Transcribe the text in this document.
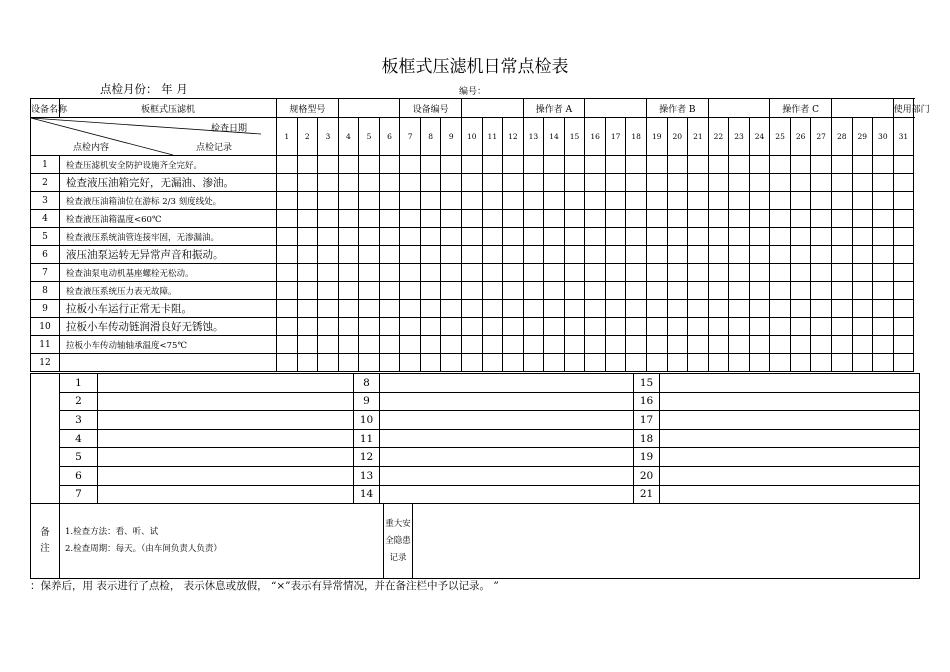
板框式压滤机日常点检表
点检月份： 年 月	编号：
设备名称	板框式压滤机	规格型号						设备编号						操作者 A						操作者 B						操作者 C						使用部门	

检查日期
点检内容 点检记录		1	2	3	4	5	6	7	8	9	10	11	12	13	14	15	16	17	18	19	20	21	22	23	24	25	26	27	28	29	30	31	
1	检查压滤机安全防护设施齐全完好。																																
2	检查液压油箱完好，无漏油、渗油。																																
3	检查液压油箱油位在游标 2/3 刻度线处。																																
4	检查液压油箱温度<60℃																																
5	检查液压系统油管连接牢固，无渗漏油。																																
6	液压油泵运转无异常声音和振动。																																
7	检查油泵电动机基座螺栓无松动。																																
8	检查液压系统压力表无故障。																																
9	拉板小车运行正常无卡阻。																																
10	拉板小车传动链润滑良好无锈蚀。																																
11	拉板小车传动轴轴承温度<75℃																																
12																																	
	1		8		15	
	2		9		16	
	3		10		17	
	4		11		18	
	5		12		19	
	6		13		20	
	7		14		21	
备
注	
1.检查方法：看、听、试
2.检查周期：每天。（由车间负责人负责）
	重大安全隐患记录	
：保养后，用 表示进行了点检， 表示休息或放假， “×”表示有异常情况，并在备注栏中予以记录。 ”
